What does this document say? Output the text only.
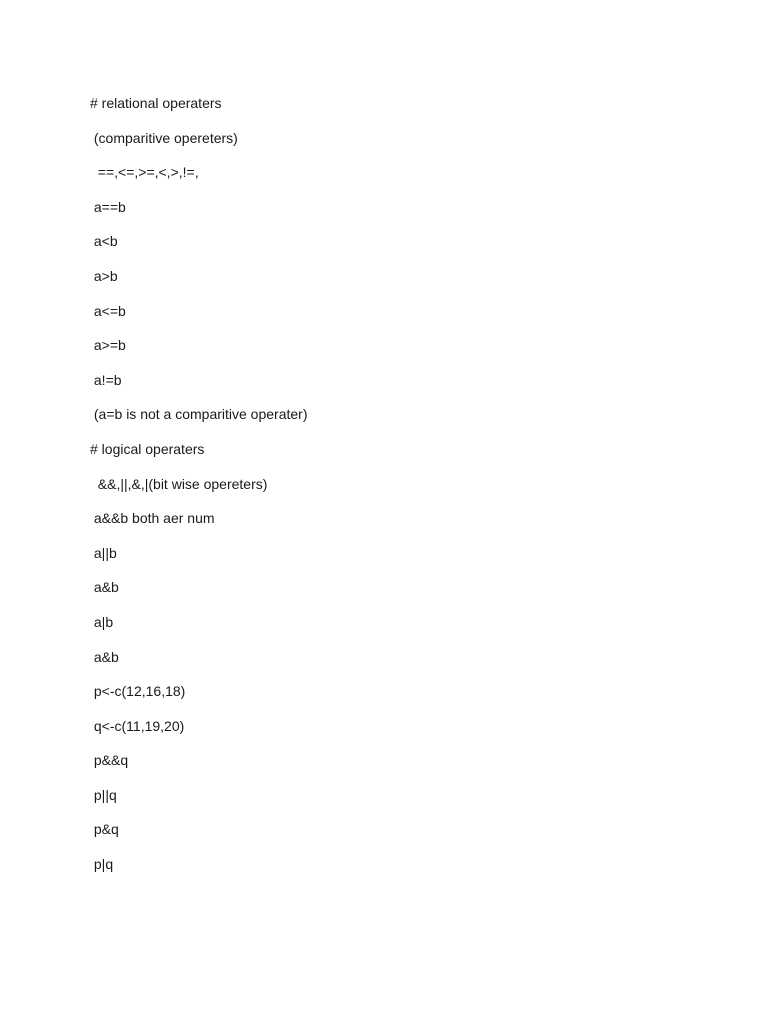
# relational operaters
(comparitive opereters)
==,<=,>=,<,>,!=,
a==b
a<b
a>b
a<=b
a>=b
a!=b
(a=b is not a comparitive operater)
# logical operaters
&&,||,&,|(bit wise opereters)
a&&b both aer num
a||b
a&b
a|b
a&b
p<-c(12,16,18)
q<-c(11,19,20)
p&&q
p||q
p&q
p|q
